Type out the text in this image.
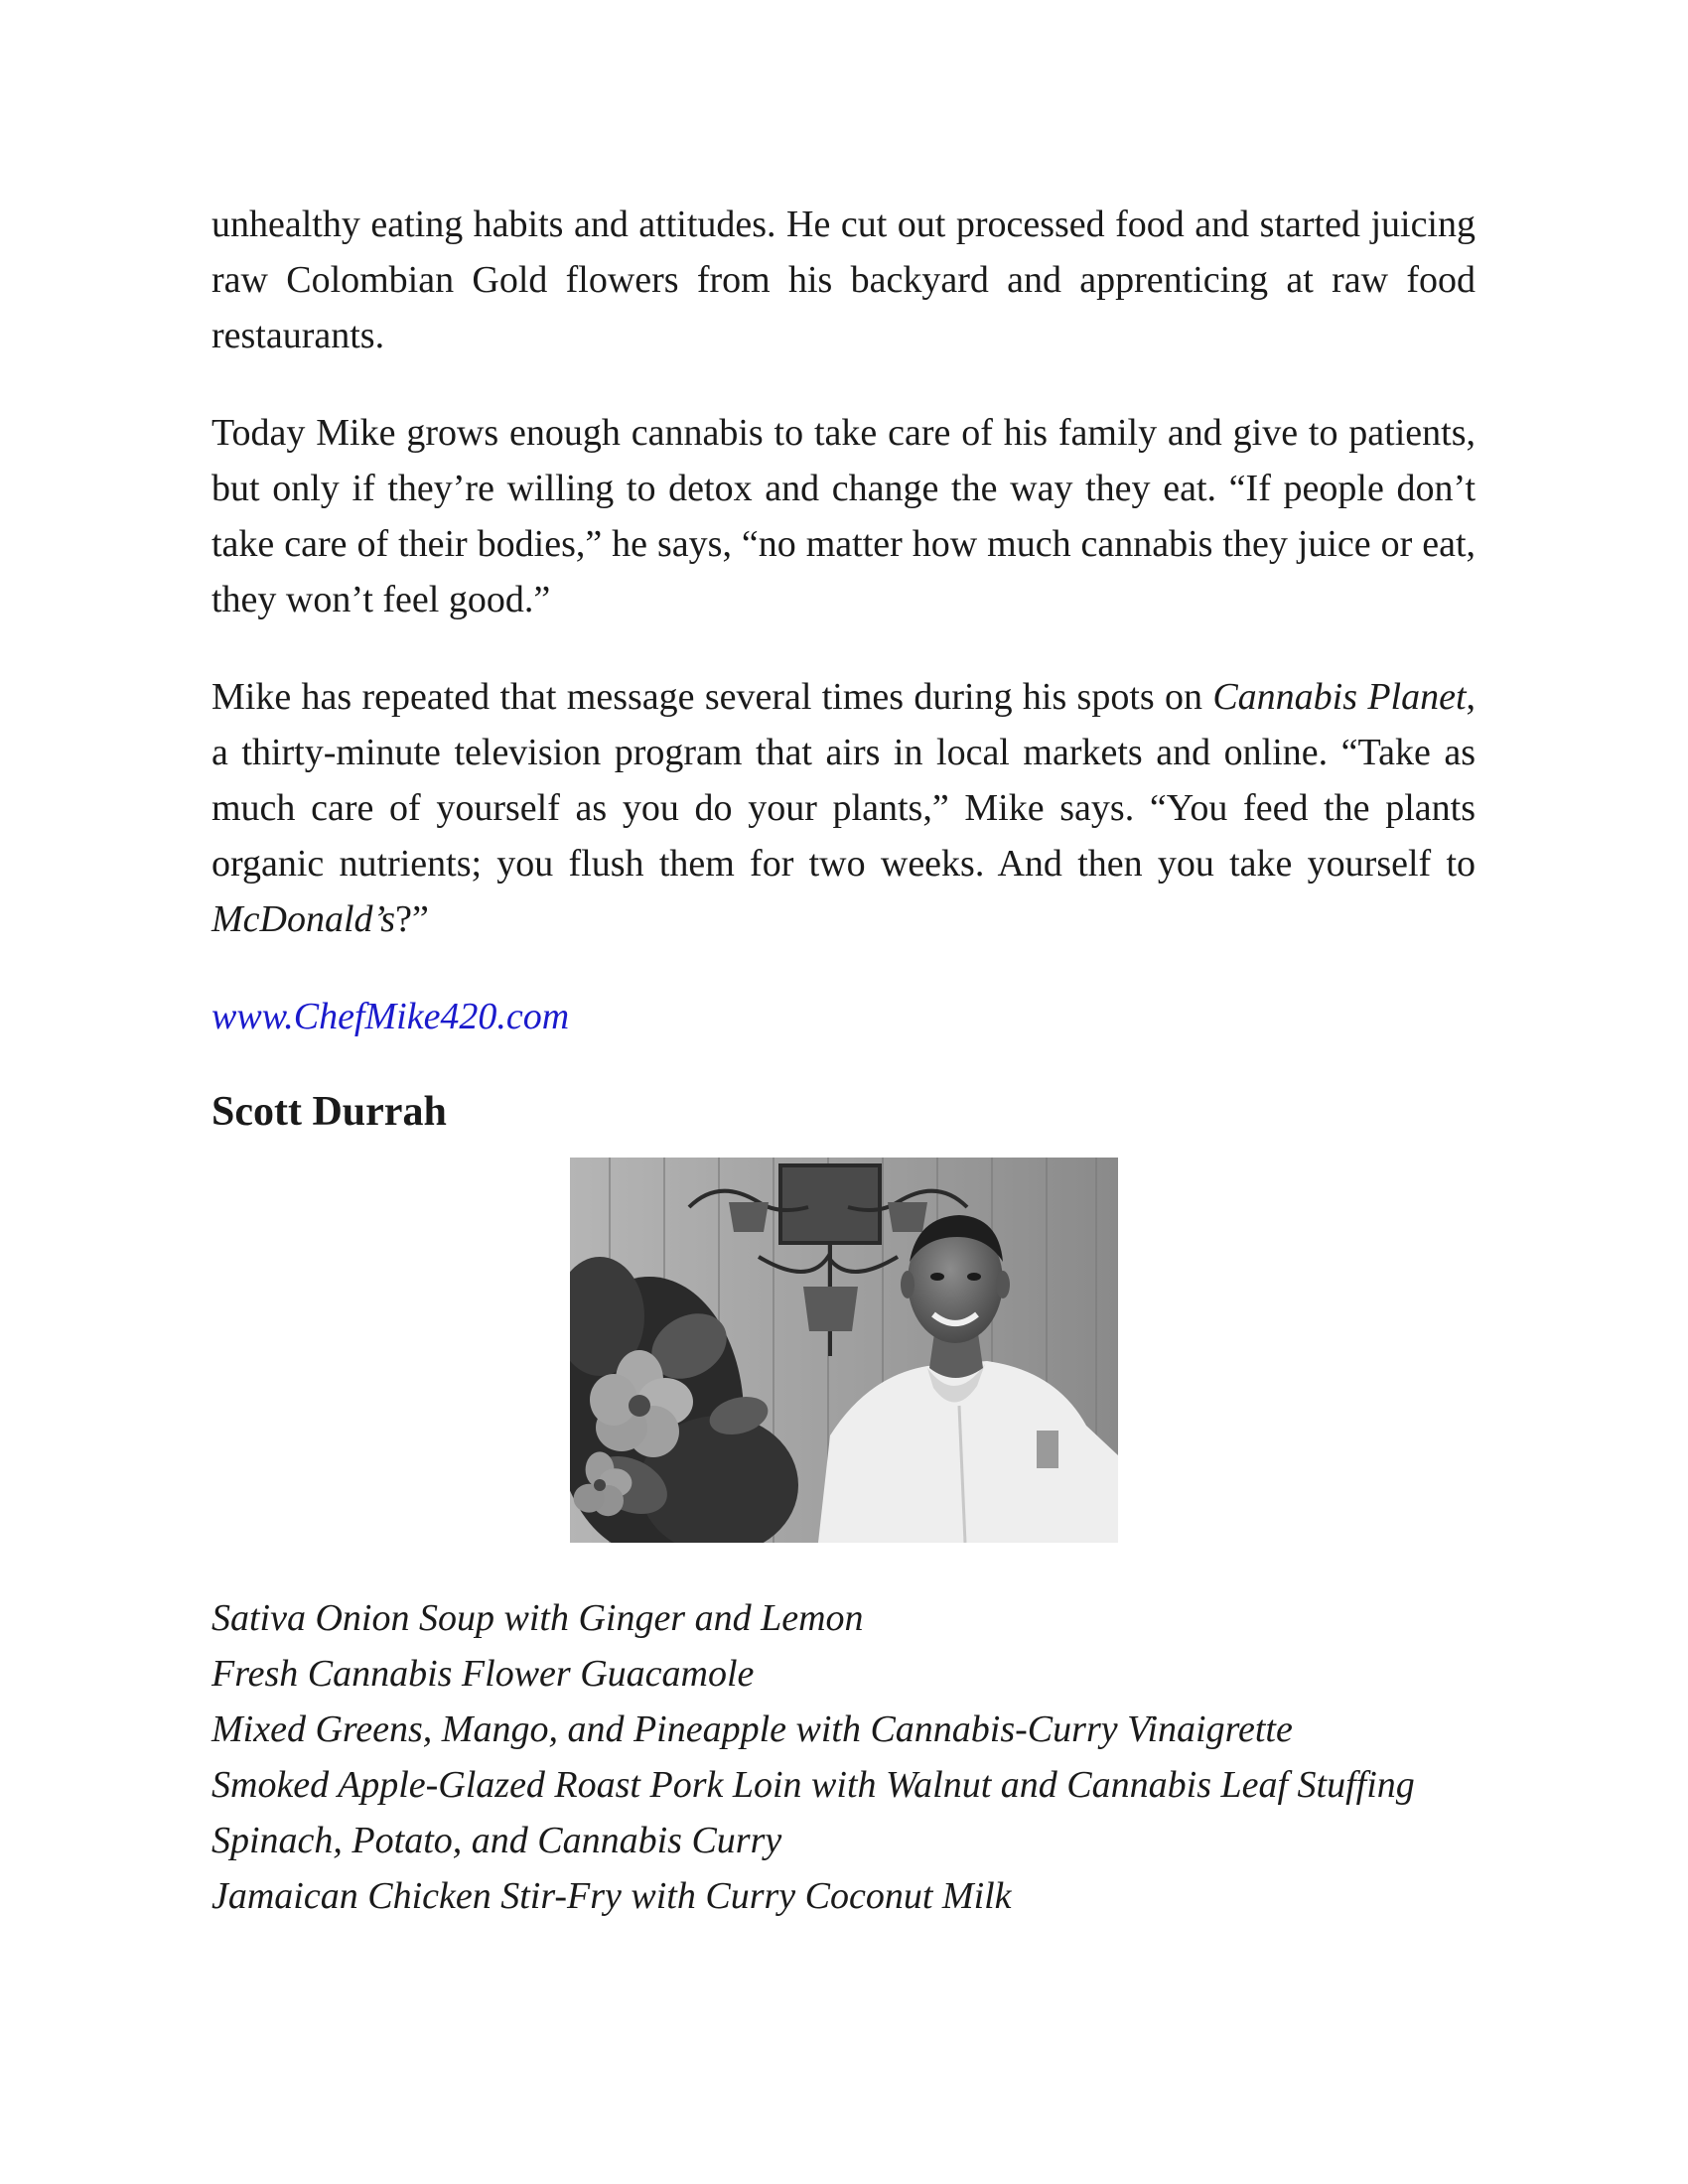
unhealthy eating habits and attitudes. He cut out processed food and started juicing raw Colombian Gold flowers from his backyard and apprenticing at raw food restaurants.

Today Mike grows enough cannabis to take care of his family and give to patients, but only if they’re willing to detox and change the way they eat. “If people don’t take care of their bodies,” he says, “no matter how much cannabis they juice or eat, they won’t feel good.”

Mike has repeated that message several times during his spots on Cannabis Planet, a thirty-minute television program that airs in local markets and online. “Take as much care of yourself as you do your plants,” Mike says. “You feed the plants organic nutrients; you flush them for two weeks. And then you take yourself to McDonald’s?”

www.ChefMike420.com
Scott Durrah
Sativa Onion Soup with Ginger and Lemon
Fresh Cannabis Flower Guacamole
Mixed Greens, Mango, and Pineapple with Cannabis-Curry Vinaigrette
Smoked Apple-Glazed Roast Pork Loin with Walnut and Cannabis Leaf Stuffing
Spinach, Potato, and Cannabis Curry
Jamaican Chicken Stir-Fry with Curry Coconut Milk
